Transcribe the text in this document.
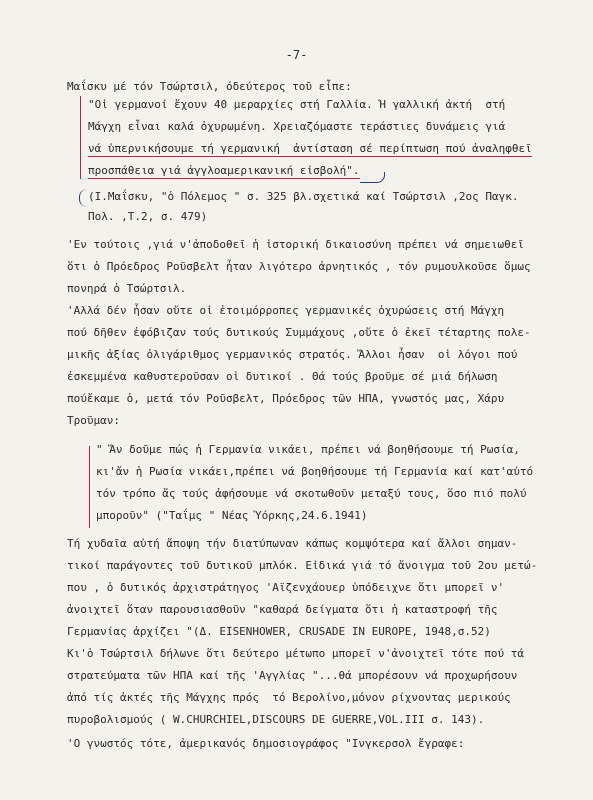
-7-
Μαΐσκυ μέ τόν Τσώρτσιλ, όδεύτερος τοῦ εἶπε:
"Οἱ γερμανοί ἔχουν 40 μεραρχίες στή Γαλλία. Ἡ γαλλική ἀκτή  στή
Μάγχη εἶναι καλά ὀχυρωμένη. Χρειαζόμαστε τεράστιες δυνάμεις γιά
νά ὑπερνικήσουμε τή γερμανική  ἀντίσταση σέ περίπτωση πού ἀναληφθεῖ
προσπάθεια γιά ἀγγλοαμερικανική εἰσβολή".
(Ι.Μαΐσκυ, "ὁ Πόλεμος " σ. 325 βλ.σχετικά καί Τσώρτσιλ ,2ος Παγκ.
Πολ. ,Τ.2, σ. 479)
'Εν τούτοις ,γιά ν'ἀποδοθεῖ ἡ ἱστορική δικαιοσύνη πρέπει νά σημειωθεῖ
ὅτι ὁ Πρόεδρος Ροῦσβελτ ἦταν λιγότερο ἀρνητικός , τόν ρυμουλκοῦσε ὅμως
πονηρά ὁ Τσώρτσιλ.
'Αλλά δέν ἦσαν οὔτε οἱ ἑτοιμόρροπες γερμανικές ὀχυρώσεις στή Μάγχη
πού δῆθεν ἐφόβιζαν τούς δυτικούς Συμμάχους ,οὔτε ὁ ἐκεῖ τέταρτης πολε-
μικῆς ἀξίας ὀλιγάριθμος γερμανικός στρατός. Ἄλλοι ἦσαν  οἱ λόγοι πού
ἐσκεμμένα καθυστεροῦσαν οἱ δυτικοί . Θά τούς βροῦμε σέ μιά δήλωση
πούἔκαμε ὁ, μετά τόν Ροῦσβελτ, Πρόεδρος τῶν ΗΠΑ, γνωστός μας, Χάρυ
Τροῦμαν:
" Ἄν δοῦμε πώς ἡ Γερμανία νικάει, πρέπει νά βοηθήσουμε τή Ρωσία,
κι'ἄν ἡ Ρωσία νικάει,πρέπει νά βοηθήσουμε τή Γερμανία καί κατ'αὐτό
τόν τρόπο ἄς τούς ἀφήσουμε νά σκοτωθοῦν μεταξύ τους, ὅσο πιό πολύ
μποροῦν" ("Ταΐμς " Νέας Ὑόρκης,24.6.1941)
Τή χυδαῖα αὐτή ἄποψη τήν διατύπωναν κάπως κομψότερα καί ἄλλοι σημαν-
τικοί παράγοντες τοῦ δυτικοῦ μπλόκ. Εἰδικά γιά τό ἄνοιγμα τοῦ 2ου μετώ-
που , ὁ δυτικός ἀρχιστράτηγος 'Αϊζενχάουερ ὑπόδειχνε ὅτι μπορεῖ ν'
ἀνοιχτεῖ ὅταν παρουσιασθοῦν "καθαρά δείγματα ὅτι ἡ καταστροφή τῆς
Γερμανίας ἀρχίζει "(Δ. EISENHOWER, CRUSADE IN EUROPE, 1948,σ.52)
Κι'ὁ Τσώρτσιλ δήλωνε ὅτι δεύτερο μέτωπο μπορεῖ ν'ἀνοιχτεῖ τότε πού τά
στρατεύματα τῶν ΗΠΑ καί τῆς 'Αγγλίας "...θά μπορέσουν νά προχωρήσουν
ἀπό τίς ἀκτές τῆς Μάγχης πρός  τό Βερολίνο,μόνον ρίχνοντας μερικούς
πυροβολισμούς ( W.CHURCHIEL,DISCOURS DE GUERRE,VOL.III σ. 143).
'Ο γνωστός τότε, ἀμερικανός δημοσιογράφος "Ινγκερσολ ἔγραφε:
